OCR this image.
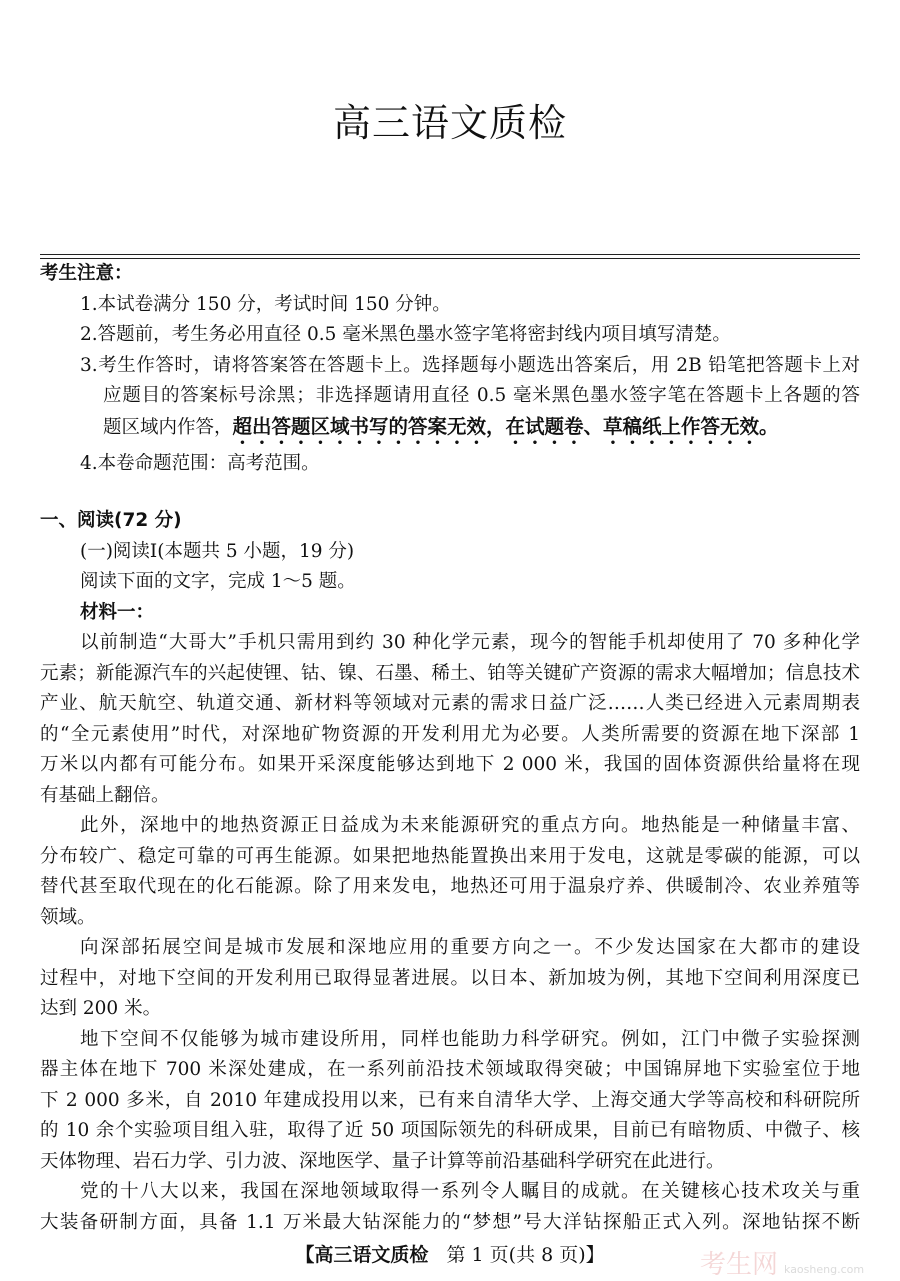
高三语文质检
考生注意：
1.本试卷满分 150 分，考试时间 150 分钟。
2.答题前，考生务必用直径 0.5 毫米黑色墨水签字笔将密封线内项目填写清楚。
3.考生作答时，请将答案答在答题卡上。选择题每小题选出答案后，用 2B 铅笔把答题卡上对
应题目的答案标号涂黑；非选择题请用直径 0.5 毫米黑色墨水签字笔在答题卡上各题的答
题区域内作答，超出答题区域书写的答案无效，在试题卷、草稿纸上作答无效。
4.本卷命题范围：高考范围。
一、阅读(72 分)
(一)阅读Ⅰ(本题共 5 小题，19 分)
阅读下面的文字，完成 1～5 题。
材料一：
以前制造“大哥大”手机只需用到约 30 种化学元素，现今的智能手机却使用了 70 多种化学
元素；新能源汽车的兴起使锂、钴、镍、石墨、稀土、铂等关键矿产资源的需求大幅增加；信息技术
产业、航天航空、轨道交通、新材料等领域对元素的需求日益广泛……人类已经进入元素周期表
的“全元素使用”时代，对深地矿物资源的开发利用尤为必要。人类所需要的资源在地下深部 1
万米以内都有可能分布。如果开采深度能够达到地下 2 000 米，我国的固体资源供给量将在现
有基础上翻倍。
此外，深地中的地热资源正日益成为未来能源研究的重点方向。地热能是一种储量丰富、
分布较广、稳定可靠的可再生能源。如果把地热能置换出来用于发电，这就是零碳的能源，可以
替代甚至取代现在的化石能源。除了用来发电，地热还可用于温泉疗养、供暖制冷、农业养殖等
领域。
向深部拓展空间是城市发展和深地应用的重要方向之一。不少发达国家在大都市的建设
过程中，对地下空间的开发利用已取得显著进展。以日本、新加坡为例，其地下空间利用深度已
达到 200 米。
地下空间不仅能够为城市建设所用，同样也能助力科学研究。例如，江门中微子实验探测
器主体在地下 700 米深处建成，在一系列前沿技术领域取得突破；中国锦屏地下实验室位于地
下 2 000 多米，自 2010 年建成投用以来，已有来自清华大学、上海交通大学等高校和科研院所
的 10 余个实验项目组入驻，取得了近 50 项国际领先的科研成果，目前已有暗物质、中微子、核
天体物理、岩石力学、引力波、深地医学、量子计算等前沿基础科学研究在此进行。
党的十八大以来，我国在深地领域取得一系列令人瞩目的成就。在关键核心技术攻关与重
大装备研制方面，具备 1.1 万米最大钻深能力的“梦想”号大洋钻探船正式入列。深地钻探不断
【高三语文质检 第 1 页(共 8 页)】	考生网 kaosheng.com
